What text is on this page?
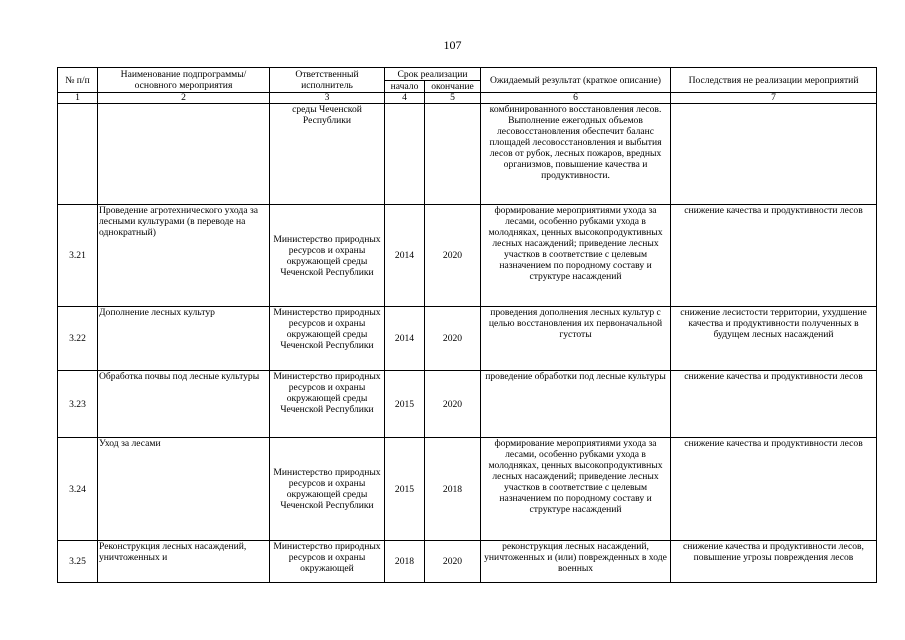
107
№ п/п	Наименование подпрограммы/ основного мероприятия	Ответственный исполнитель	Срок реализации		Ожидаемый результат (краткое описание)	Последствия не реализации мероприятий
			начало	окончание		
1	2	3	4	5	6	7
		среды Чеченской Республики			комбинированного восстановления лесов. Выполнение ежегодных объемов лесовосстановления обеспечит баланс площадей лесовосстановления и выбытия лесов от рубок, лесных пожаров, вредных организмов, повышение качества и продуктивности.	
3.21	Проведение агротехнического ухода за лесными культурами (в переводе на однократный)	Министерство природных ресурсов и охраны окружающей среды Чеченской Республики	2014	2020	формирование мероприятиями ухода за лесами, особенно рубками ухода в молодняках, ценных высокопродуктивных лесных насаждений; приведение лесных участков в соответствие с целевым назначением по породному составу и структуре насаждений	снижение качества и продуктивности лесов
3.22	Дополнение лесных культур	Министерство природных ресурсов и охраны окружающей среды Чеченской Республики	2014	2020	проведения дополнения лесных культур с целью восстановления их первоначальной густоты	снижение лесистости территории, ухудшение качества и продуктивности полученных в будущем лесных насаждений
3.23	Обработка почвы под лесные культуры	Министерство природных ресурсов и охраны окружающей среды Чеченской Республики	2015	2020	проведение обработки под лесные культуры	снижение качества и продуктивности лесов
3.24	Уход за лесами	Министерство природных ресурсов и охраны окружающей среды Чеченской Республики	2015	2018	формирование мероприятиями ухода за лесами, особенно рубками ухода в молодняках, ценных высокопродуктивных лесных насаждений; приведение лесных участков в соответствие с целевым назначением по породному составу и структуре насаждений	снижение качества и продуктивности лесов
3.25	Реконструкция лесных насаждений, уничтоженных и	Министерство природных ресурсов и охраны окружающей	2018	2020	реконструкция лесных насаждений, уничтоженных и (или) поврежденных в ходе военных	снижение качества и продуктивности лесов, повышение угрозы повреждения лесов
